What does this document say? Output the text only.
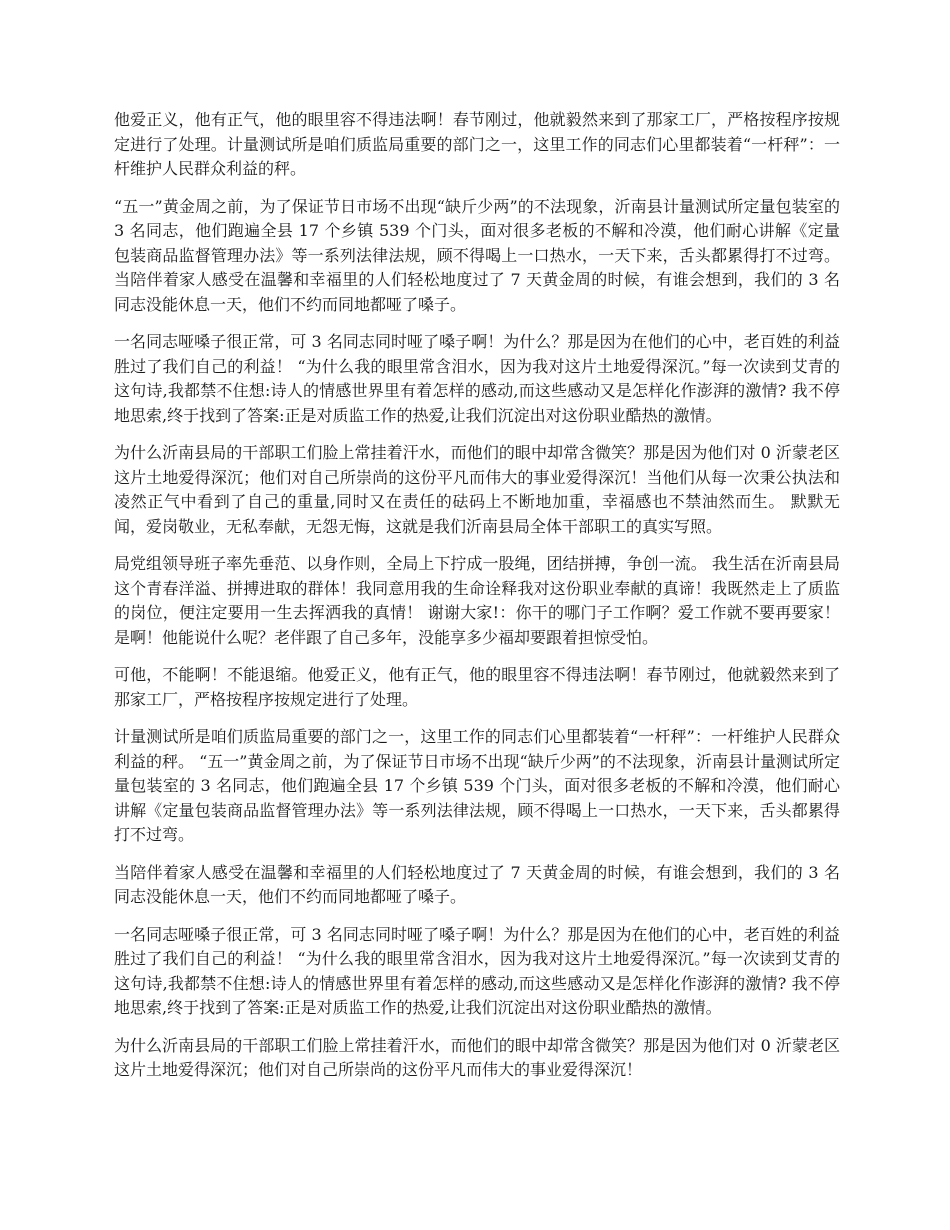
他爱正义，他有正气，他的眼里容不得违法啊！春节刚过，他就毅然来到了那家工厂，严格按程序按规定进行了处理。计量测试所是咱们质监局重要的部门之一，这里工作的同志们心里都装着“一杆秤”：一杆维护人民群众利益的秤。

“五一”黄金周之前，为了保证节日市场不出现“缺斤少两”的不法现象，沂南县计量测试所定量包装室的 3 名同志，他们跑遍全县 17 个乡镇 539 个门头，面对很多老板的不解和冷漠，他们耐心讲解《定量包装商品监督管理办法》等一系列法律法规，顾不得喝上一口热水，一天下来，舌头都累得打不过弯。当陪伴着家人感受在温馨和幸福里的人们轻松地度过了 7 天黄金周的时候，有谁会想到，我们的 3 名同志没能休息一天，他们不约而同地都哑了嗓子。

一名同志哑嗓子很正常，可 3 名同志同时哑了嗓子啊！为什么？那是因为在他们的心中，老百姓的利益胜过了我们自己的利益！ “为什么我的眼里常含泪水，因为我对这片土地爱得深沉。”每一次读到艾青的这句诗,我都禁不住想:诗人的情感世界里有着怎样的感动,而这些感动又是怎样化作澎湃的激情? 我不停地思索,终于找到了答案:正是对质监工作的热爱,让我们沉淀出对这份职业酷热的激情。

为什么沂南县局的干部职工们脸上常挂着汗水，而他们的眼中却常含微笑？那是因为他们对 0 沂蒙老区这片土地爱得深沉；他们对自己所崇尚的这份平凡而伟大的事业爱得深沉！当他们从每一次秉公执法和凌然正气中看到了自己的重量,同时又在责任的砝码上不断地加重，幸福感也不禁油然而生。 默默无闻，爱岗敬业，无私奉献，无怨无悔，这就是我们沂南县局全体干部职工的真实写照。

局党组领导班子率先垂范、以身作则，全局上下拧成一股绳，团结拼搏，争创一流。 我生活在沂南县局这个青春洋溢、拼搏进取的群体！我同意用我的生命诠释我对这份职业奉献的真谛！我既然走上了质监的岗位，便注定要用一生去挥洒我的真情！ 谢谢大家!：你干的哪门子工作啊？爱工作就不要再要家！是啊！他能说什么呢？老伴跟了自己多年，没能享多少福却要跟着担惊受怕。

可他，不能啊！不能退缩。他爱正义，他有正气，他的眼里容不得违法啊！春节刚过，他就毅然来到了那家工厂，严格按程序按规定进行了处理。

计量测试所是咱们质监局重要的部门之一，这里工作的同志们心里都装着“一杆秤”：一杆维护人民群众利益的秤。 “五一”黄金周之前，为了保证节日市场不出现“缺斤少两”的不法现象，沂南县计量测试所定量包装室的 3 名同志，他们跑遍全县 17 个乡镇 539 个门头，面对很多老板的不解和冷漠，他们耐心讲解《定量包装商品监督管理办法》等一系列法律法规，顾不得喝上一口热水，一天下来，舌头都累得打不过弯。

当陪伴着家人感受在温馨和幸福里的人们轻松地度过了 7 天黄金周的时候，有谁会想到，我们的 3 名同志没能休息一天，他们不约而同地都哑了嗓子。

一名同志哑嗓子很正常，可 3 名同志同时哑了嗓子啊！为什么？那是因为在他们的心中，老百姓的利益胜过了我们自己的利益！ “为什么我的眼里常含泪水，因为我对这片土地爱得深沉。”每一次读到艾青的这句诗,我都禁不住想:诗人的情感世界里有着怎样的感动,而这些感动又是怎样化作澎湃的激情? 我不停地思索,终于找到了答案:正是对质监工作的热爱,让我们沉淀出对这份职业酷热的激情。

为什么沂南县局的干部职工们脸上常挂着汗水，而他们的眼中却常含微笑？那是因为他们对 0 沂蒙老区这片土地爱得深沉；他们对自己所崇尚的这份平凡而伟大的事业爱得深沉！
